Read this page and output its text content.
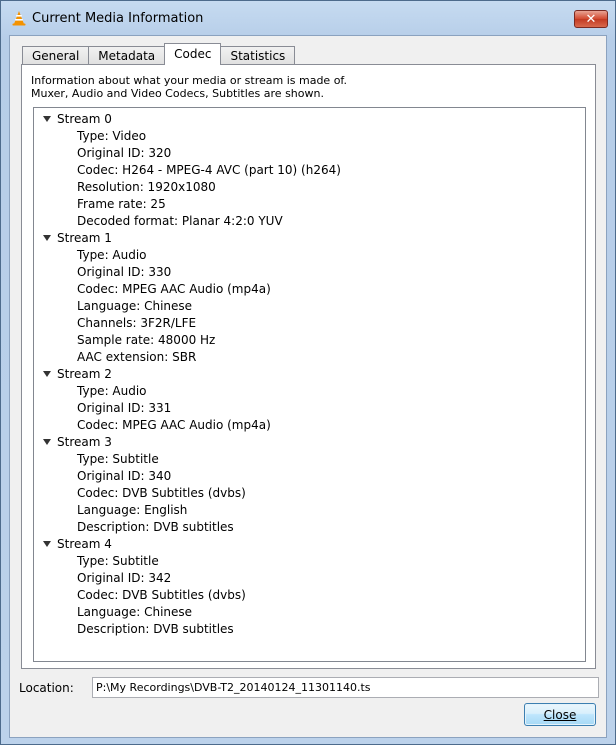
Current Media Information	✕
General	Metadata	Codec	Statistics
Information about what your media or stream is made of.
Muxer, Audio and Video Codecs, Subtitles are shown.
Stream 0
Type: Video
Original ID: 320
Codec: H264 - MPEG-4 AVC (part 10) (h264)
Resolution: 1920x1080
Frame rate: 25
Decoded format: Planar 4:2:0 YUV
Stream 1
Type: Audio
Original ID: 330
Codec: MPEG AAC Audio (mp4a)
Language: Chinese
Channels: 3F2R/LFE
Sample rate: 48000 Hz
AAC extension: SBR
Stream 2
Type: Audio
Original ID: 331
Codec: MPEG AAC Audio (mp4a)
Stream 3
Type: Subtitle
Original ID: 340
Codec: DVB Subtitles (dvbs)
Language: English
Description: DVB subtitles
Stream 4
Type: Subtitle
Original ID: 342
Codec: DVB Subtitles (dvbs)
Language: Chinese
Description: DVB subtitles
Location:	P:\My Recordings\DVB-T2_20140124_11301140.ts
Close
